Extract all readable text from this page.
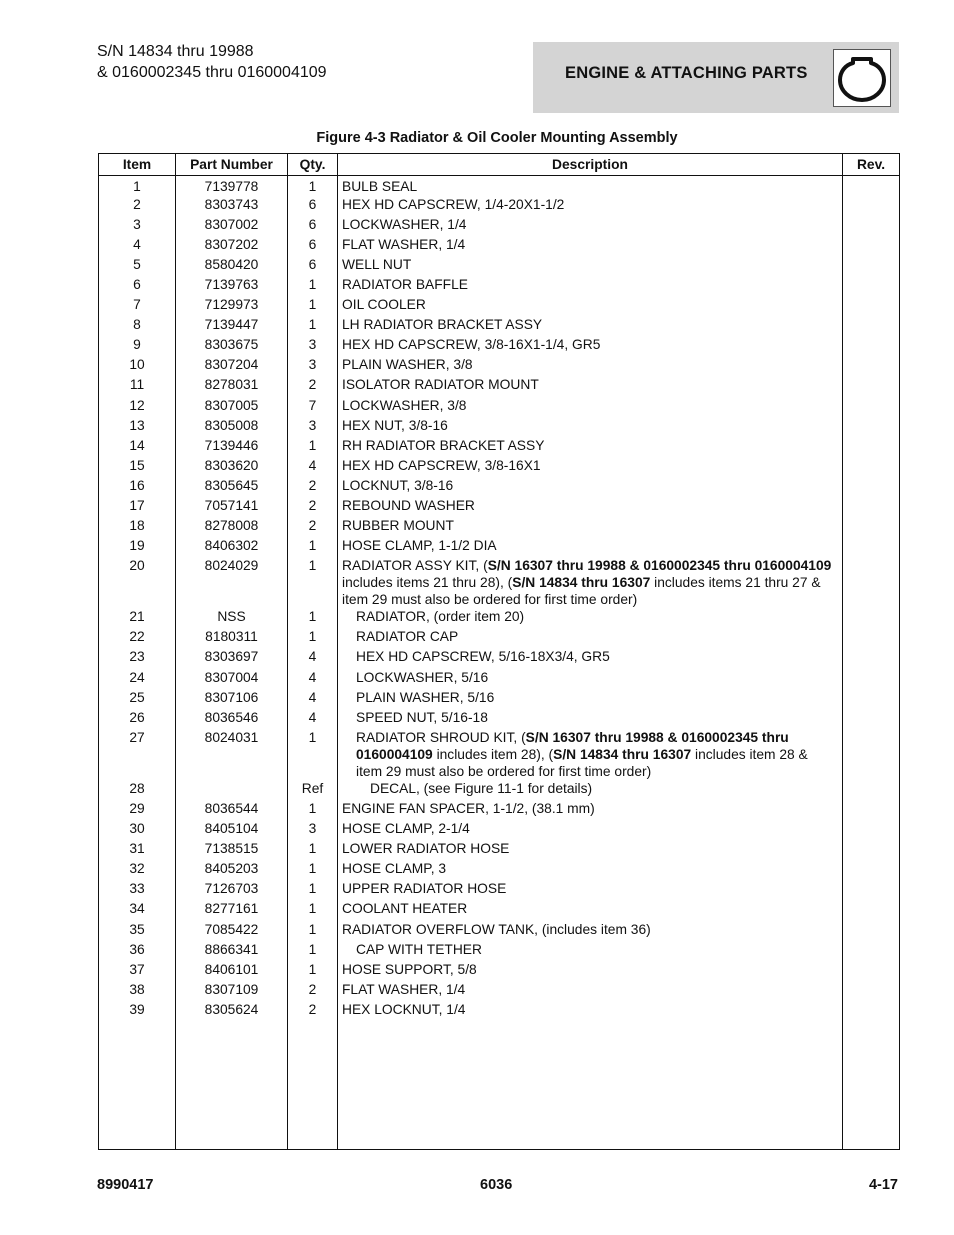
S/N 14834 thru 19988
& 0160002345 thru 0160004109	ENGINE & ATTACHING PARTS
Figure 4-3 Radiator & Oil Cooler Mounting Assembly
Item	Part Number	Qty.	Description	Rev.
1	7139778	1	BULB SEAL	
2	8303743	6	HEX HD CAPSCREW, 1/4-20X1-1/2	
3	8307002	6	LOCKWASHER, 1/4	
4	8307202	6	FLAT WASHER, 1/4	
5	8580420	6	WELL NUT	
6	7139763	1	RADIATOR BAFFLE	
7	7129973	1	OIL COOLER	
8	7139447	1	LH RADIATOR BRACKET ASSY	
9	8303675	3	HEX HD CAPSCREW, 3/8-16X1-1/4, GR5	
10	8307204	3	PLAIN WASHER, 3/8	
11	8278031	2	ISOLATOR RADIATOR MOUNT	
12	8307005	7	LOCKWASHER, 3/8	
13	8305008	3	HEX NUT, 3/8-16	
14	7139446	1	RH RADIATOR BRACKET ASSY	
15	8303620	4	HEX HD CAPSCREW, 3/8-16X1	
16	8305645	2	LOCKNUT, 3/8-16	
17	7057141	2	REBOUND WASHER	
18	8278008	2	RUBBER MOUNT	
19	8406302	1	HOSE CLAMP, 1-1/2 DIA	
20	8024029	1	RADIATOR ASSY KIT, (S/N 16307 thru 19988 & 0160002345 thru 0160004109 includes items 21 thru 28), (S/N 14834 thru 16307 includes items 21 thru 27 & item 29 must also be ordered for first time order)	
21	NSS	1	RADIATOR, (order item 20)	
22	8180311	1	RADIATOR CAP	
23	8303697	4	HEX HD CAPSCREW, 5/16-18X3/4, GR5	
24	8307004	4	LOCKWASHER, 5/16	
25	8307106	4	PLAIN WASHER, 5/16	
26	8036546	4	SPEED NUT, 5/16-18	
27	8024031	1	RADIATOR SHROUD KIT, (S/N 16307 thru 19988 & 0160002345 thru 0160004109 includes item 28), (S/N 14834 thru 16307 includes item 28 & item 29 must also be ordered for first time order)	
28		Ref	DECAL, (see Figure 11-1 for details)	
29	8036544	1	ENGINE FAN SPACER, 1-1/2, (38.1 mm)	
30	8405104	3	HOSE CLAMP, 2-1/4	
31	7138515	1	LOWER RADIATOR HOSE	
32	8405203	1	HOSE CLAMP, 3	
33	7126703	1	UPPER RADIATOR HOSE	
34	8277161	1	COOLANT HEATER	
35	7085422	1	RADIATOR OVERFLOW TANK, (includes item 36)	
36	8866341	1	CAP WITH TETHER	
37	8406101	1	HOSE SUPPORT, 5/8	
38	8307109	2	FLAT WASHER, 1/4	
39	8305624	2	HEX LOCKNUT, 1/4	

8990417	6036	4-17
